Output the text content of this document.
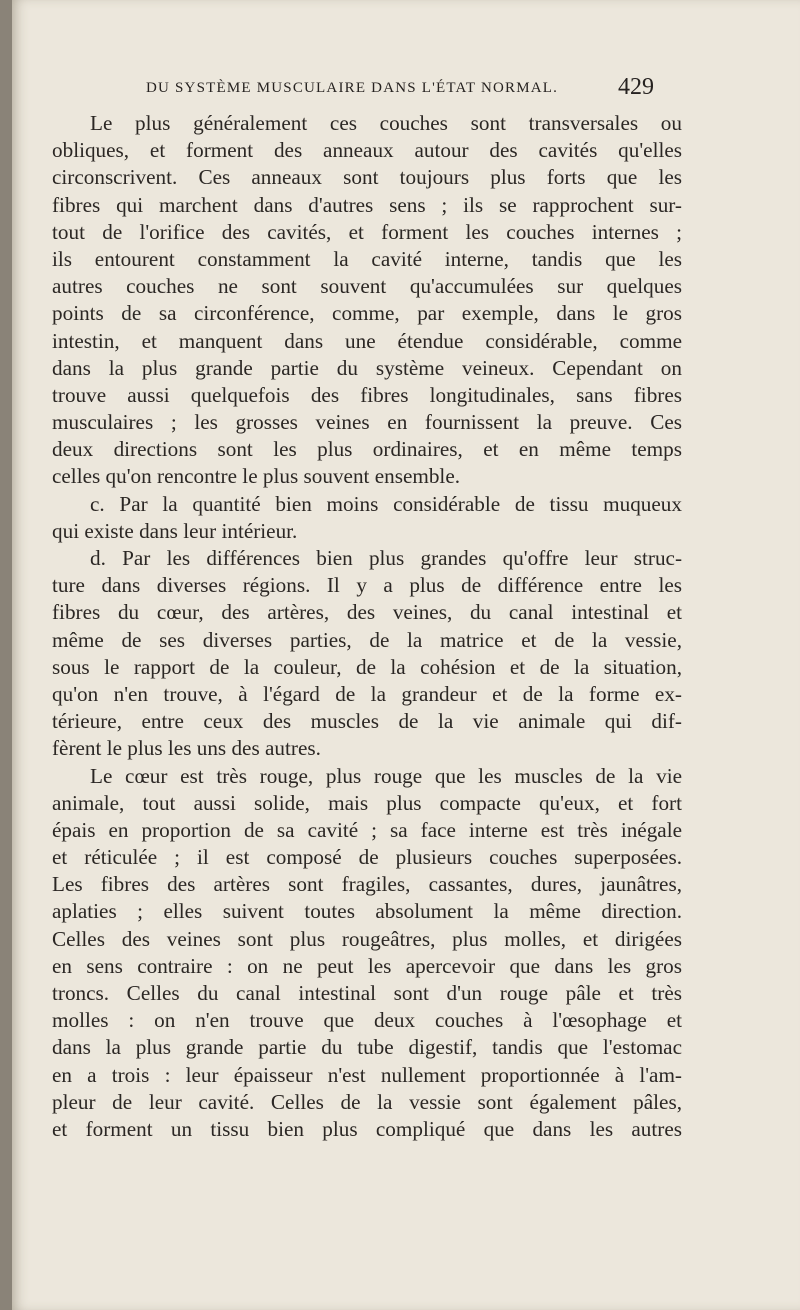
DU SYSTÈME MUSCULAIRE DANS L'ÉTAT NORMAL. 429
Le plus généralement ces couches sont transversales ou
obliques, et forment des anneaux autour des cavités qu'elles
circonscrivent. Ces anneaux sont toujours plus forts que les
fibres qui marchent dans d'autres sens ; ils se rapprochent sur-
tout de l'orifice des cavités, et forment les couches internes ;
ils entourent constamment la cavité interne, tandis que les
autres couches ne sont souvent qu'accumulées sur quelques
points de sa circonférence, comme, par exemple, dans le gros
intestin, et manquent dans une étendue considérable, comme
dans la plus grande partie du système veineux. Cependant on
trouve aussi quelquefois des fibres longitudinales, sans fibres
musculaires ; les grosses veines en fournissent la preuve. Ces
deux directions sont les plus ordinaires, et en même temps
celles qu'on rencontre le plus souvent ensemble.
c. Par la quantité bien moins considérable de tissu muqueux
qui existe dans leur intérieur.
d. Par les différences bien plus grandes qu'offre leur struc-
ture dans diverses régions. Il y a plus de différence entre les
fibres du cœur, des artères, des veines, du canal intestinal et
même de ses diverses parties, de la matrice et de la vessie,
sous le rapport de la couleur, de la cohésion et de la situation,
qu'on n'en trouve, à l'égard de la grandeur et de la forme ex-
térieure, entre ceux des muscles de la vie animale qui dif-
fèrent le plus les uns des autres.
Le cœur est très rouge, plus rouge que les muscles de la vie
animale, tout aussi solide, mais plus compacte qu'eux, et fort
épais en proportion de sa cavité ; sa face interne est très inégale
et réticulée ; il est composé de plusieurs couches superposées.
Les fibres des artères sont fragiles, cassantes, dures, jaunâtres,
aplaties ; elles suivent toutes absolument la même direction.
Celles des veines sont plus rougeâtres, plus molles, et dirigées
en sens contraire : on ne peut les apercevoir que dans les gros
troncs. Celles du canal intestinal sont d'un rouge pâle et très
molles : on n'en trouve que deux couches à l'œsophage et
dans la plus grande partie du tube digestif, tandis que l'estomac
en a trois : leur épaisseur n'est nullement proportionnée à l'am-
pleur de leur cavité. Celles de la vessie sont également pâles,
et forment un tissu bien plus compliqué que dans les autres
